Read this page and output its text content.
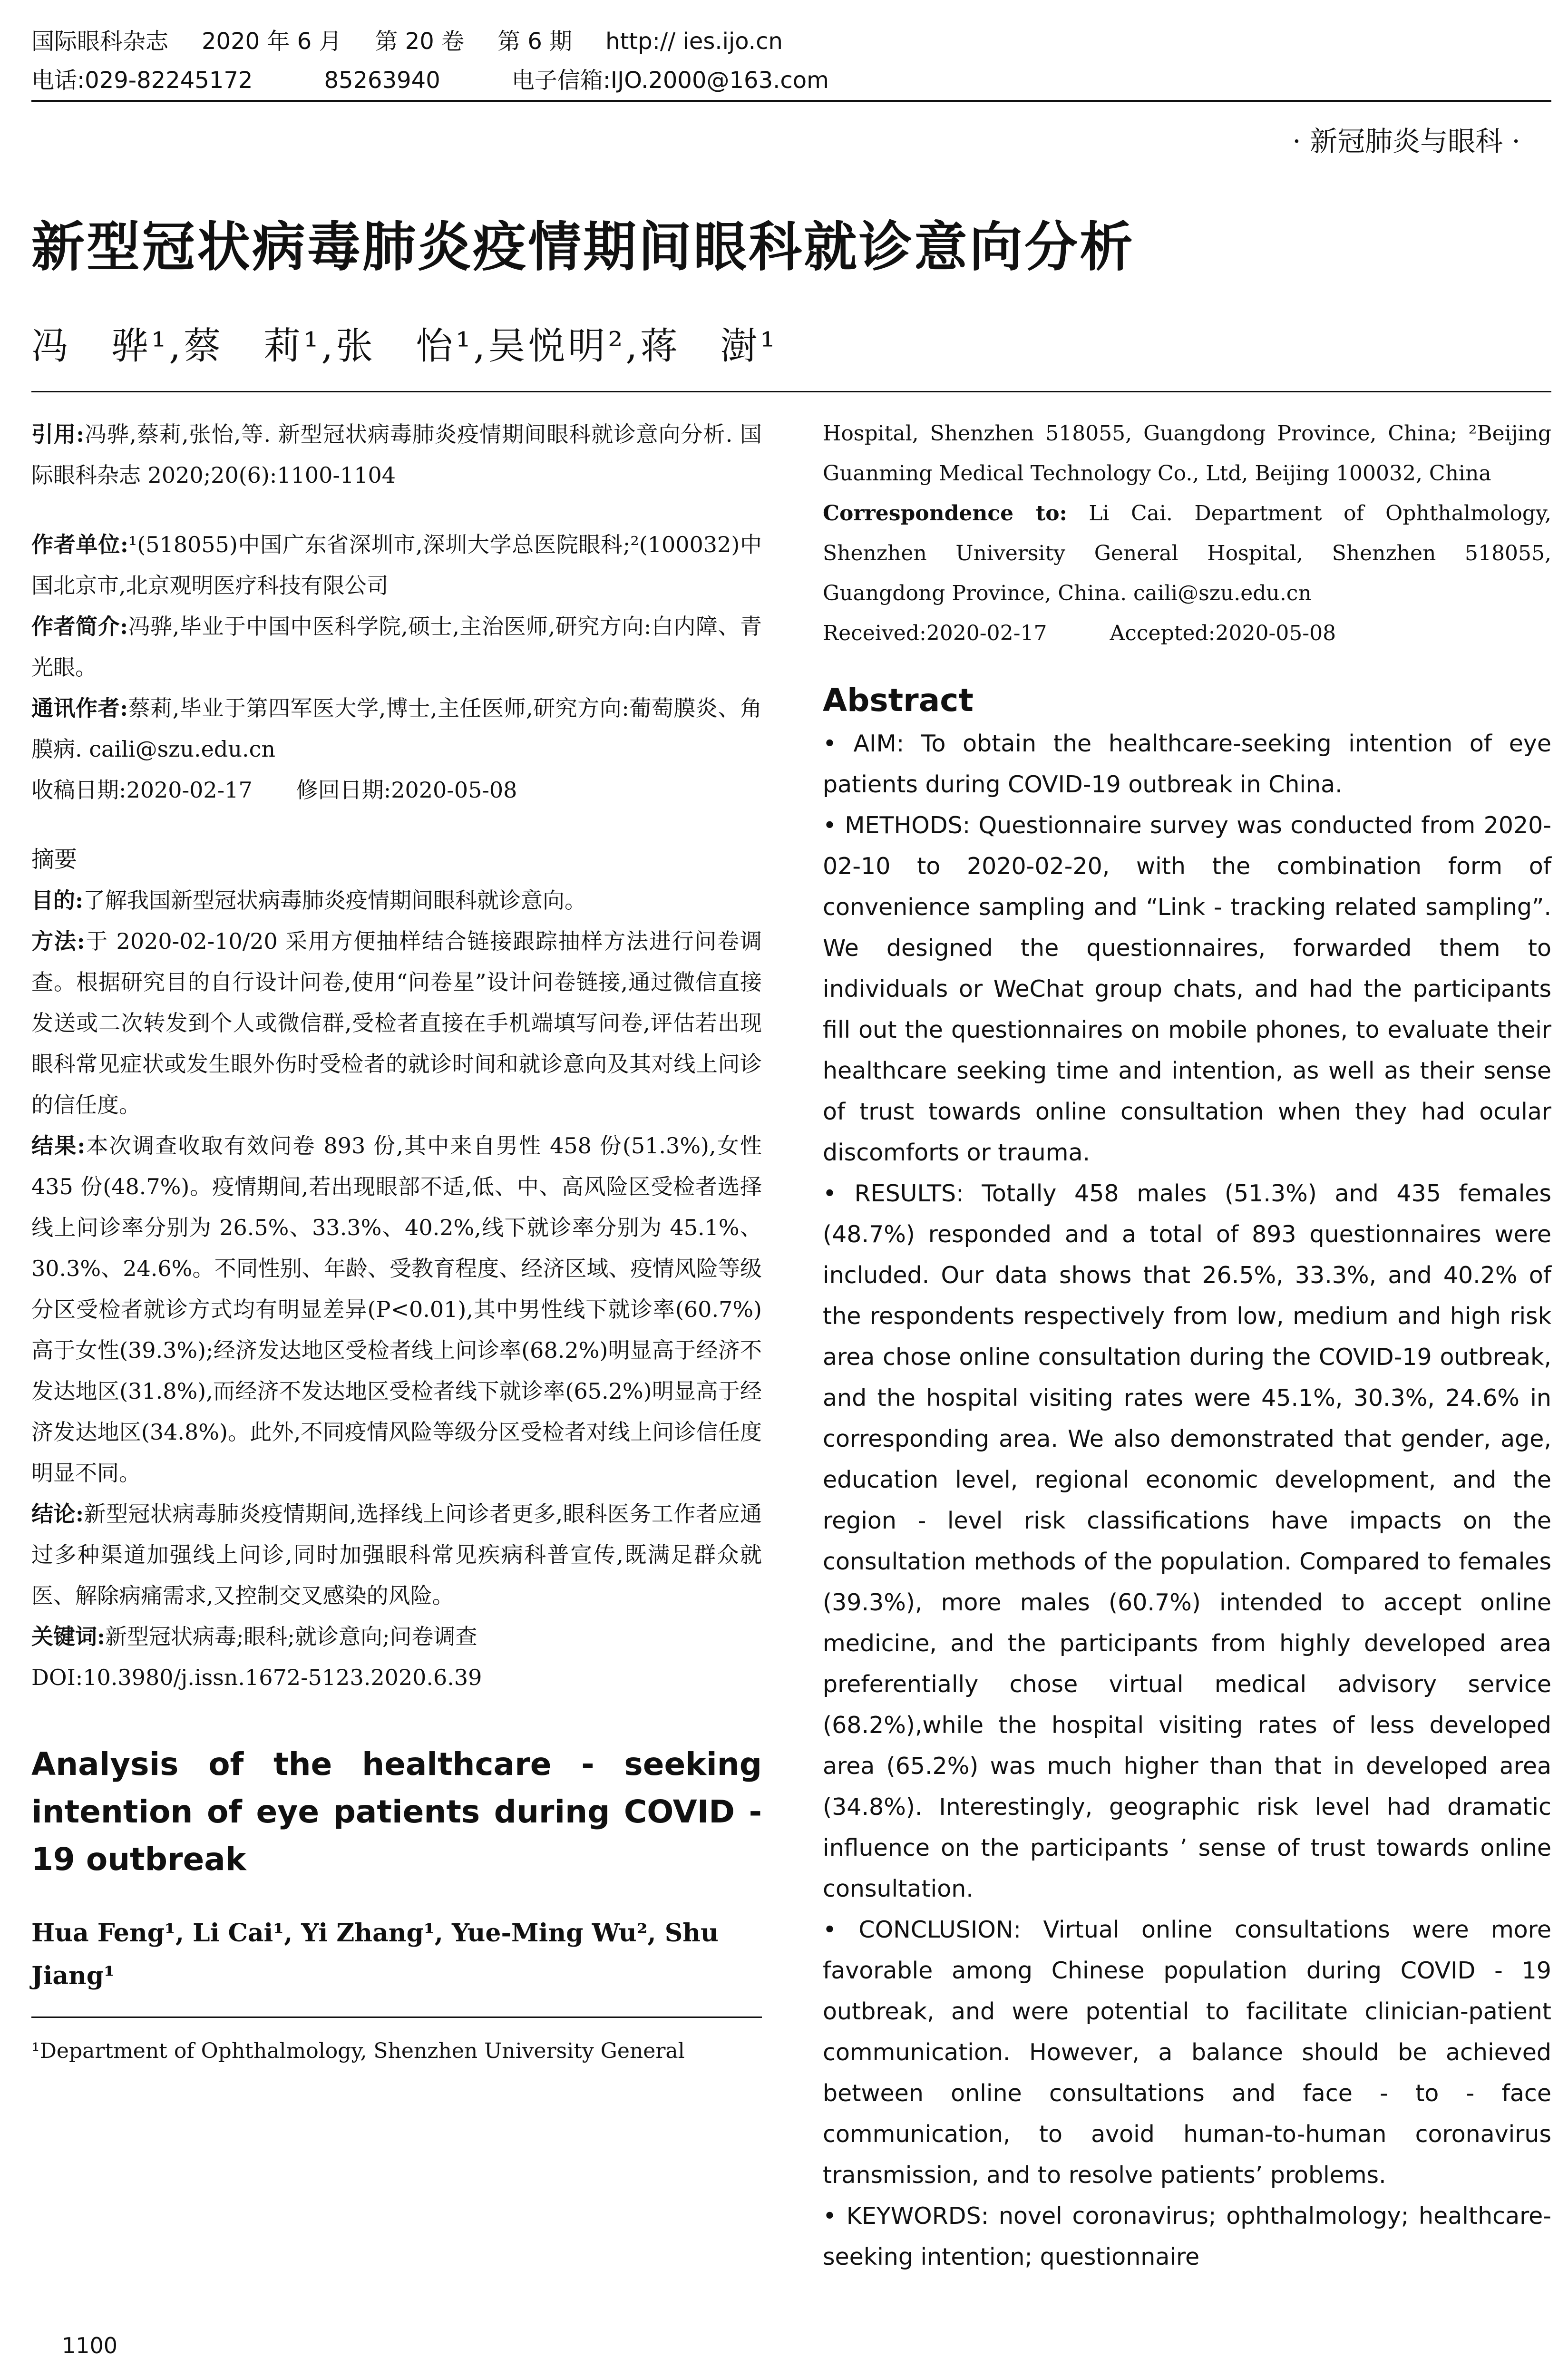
国际眼科杂志 2020 年 6 月 第 20 卷 第 6 期 http:// ies.ijo.cn
电话:029-82245172	85263940	电子信箱:IJO.2000@163.com
· 新冠肺炎与眼科 ·
新型冠状病毒肺炎疫情期间眼科就诊意向分析
冯　骅¹,蔡　莉¹,张　怡¹,吴悦明²,蒋　澍¹

引用:冯骅,蔡莉,张怡,等. 新型冠状病毒肺炎疫情期间眼科就诊意向分析. 国际眼科杂志 2020;20(6):1100-1104

作者单位:¹(518055)中国广东省深圳市,深圳大学总医院眼科;²(100032)中国北京市,北京观明医疗科技有限公司

作者简介:冯骅,毕业于中国中医科学院,硕士,主治医师,研究方向:白内障、青光眼。

通讯作者:蔡莉,毕业于第四军医大学,博士,主任医师,研究方向:葡萄膜炎、角膜病. caili@szu.edu.cn

收稿日期:2020-02-17　　修回日期:2020-05-08

摘要

目的:了解我国新型冠状病毒肺炎疫情期间眼科就诊意向。

方法:于 2020-02-10/20 采用方便抽样结合链接跟踪抽样方法进行问卷调查。根据研究目的自行设计问卷,使用“问卷星”设计问卷链接,通过微信直接发送或二次转发到个人或微信群,受检者直接在手机端填写问卷,评估若出现眼科常见症状或发生眼外伤时受检者的就诊时间和就诊意向及其对线上问诊的信任度。

结果:本次调查收取有效问卷 893 份,其中来自男性 458 份(51.3%),女性 435 份(48.7%)。疫情期间,若出现眼部不适,低、中、高风险区受检者选择线上问诊率分别为 26.5%、33.3%、40.2%,线下就诊率分别为 45.1%、30.3%、24.6%。不同性别、年龄、受教育程度、经济区域、疫情风险等级分区受检者就诊方式均有明显差异(P<0.01),其中男性线下就诊率(60.7%)高于女性(39.3%);经济发达地区受检者线上问诊率(68.2%)明显高于经济不发达地区(31.8%),而经济不发达地区受检者线下就诊率(65.2%)明显高于经济发达地区(34.8%)。此外,不同疫情风险等级分区受检者对线上问诊信任度明显不同。

结论:新型冠状病毒肺炎疫情期间,选择线上问诊者更多,眼科医务工作者应通过多种渠道加强线上问诊,同时加强眼科常见疾病科普宣传,既满足群众就医、解除病痛需求,又控制交叉感染的风险。

关键词:新型冠状病毒;眼科;就诊意向;问卷调查

DOI:10.3980/j.issn.1672-5123.2020.6.39

Analysis of the healthcare - seeking intention of eye patients during COVID - 19 outbreak

Hua Feng¹, Li Cai¹, Yi Zhang¹, Yue-Ming Wu², Shu Jiang¹

¹Department of Ophthalmology, Shenzhen University General

Hospital, Shenzhen 518055, Guangdong Province, China; ²Beijing Guanming Medical Technology Co., Ltd, Beijing 100032, China

Correspondence to: Li Cai. Department of Ophthalmology, Shenzhen University General Hospital, Shenzhen 518055, Guangdong Province, China. caili@szu.edu.cn

Received:2020-02-17　　　Accepted:2020-05-08

Abstract

• AIM: To obtain the healthcare-seeking intention of eye patients during COVID-19 outbreak in China.

• METHODS: Questionnaire survey was conducted from 2020-02-10 to 2020-02-20, with the combination form of convenience sampling and “Link - tracking related sampling”. We designed the questionnaires, forwarded them to individuals or WeChat group chats, and had the participants fill out the questionnaires on mobile phones, to evaluate their healthcare seeking time and intention, as well as their sense of trust towards online consultation when they had ocular discomforts or trauma.

• RESULTS: Totally 458 males (51.3%) and 435 females (48.7%) responded and a total of 893 questionnaires were included. Our data shows that 26.5%, 33.3%, and 40.2% of the respondents respectively from low, medium and high risk area chose online consultation during the COVID-19 outbreak, and the hospital visiting rates were 45.1%, 30.3%, 24.6% in corresponding area. We also demonstrated that gender, age, education level, regional economic development, and the region - level risk classifications have impacts on the consultation methods of the population. Compared to females (39.3%), more males (60.7%) intended to accept online medicine, and the participants from highly developed area preferentially chose virtual medical advisory service (68.2%),while the hospital visiting rates of less developed area (65.2%) was much higher than that in developed area (34.8%). Interestingly, geographic risk level had dramatic influence on the participants ’ sense of trust towards online consultation.

• CONCLUSION: Virtual online consultations were more favorable among Chinese population during COVID - 19 outbreak, and were potential to facilitate clinician-patient communication. However, a balance should be achieved between online consultations and face - to - face communication, to avoid human-to-human coronavirus transmission, and to resolve patients’ problems.

• KEYWORDS: novel coronavirus; ophthalmology; healthcare-seeking intention; questionnaire

1100
